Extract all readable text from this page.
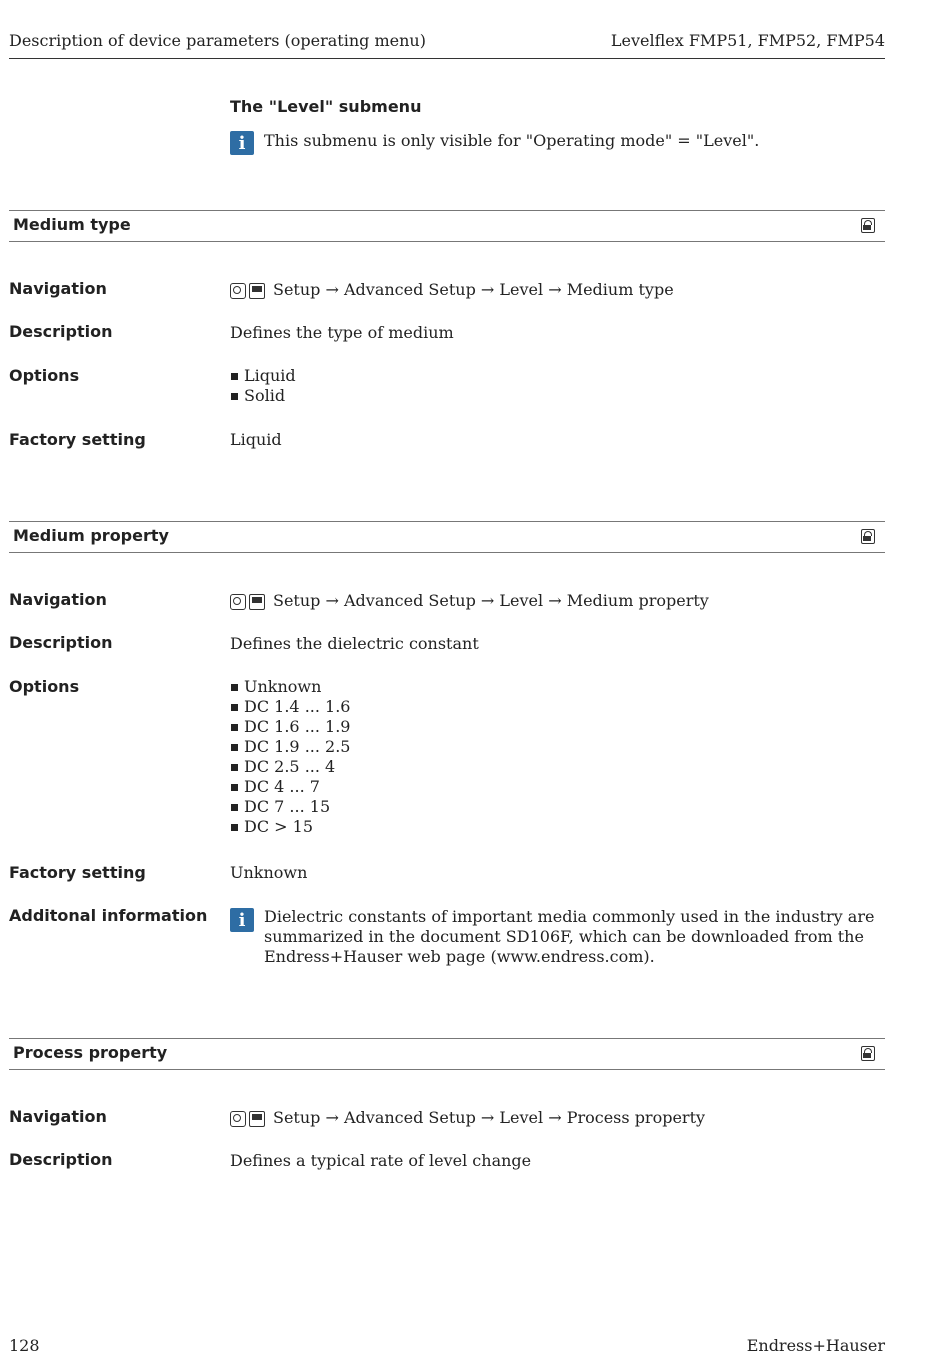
Description of device parameters (operating menu)	Levelflex FMP51, FMP52, FMP54
The "Level" submenu
i	This submenu is only visible for "Operating mode" = "Level".
Medium type
Navigation	Setup → Advanced Setup → Level → Medium type
Description	Defines the type of medium
Options	Liquid
Solid
Factory setting	Liquid
Medium property
Navigation	Setup → Advanced Setup → Level → Medium property
Description	Defines the dielectric constant
Options	Unknown
DC 1.4 ... 1.6
DC 1.6 ... 1.9
DC 1.9 ... 2.5
DC 2.5 ... 4
DC 4 ... 7
DC 7 ... 15
DC > 15
Factory setting	Unknown
Additonal information	i	Dielectric constants of important media commonly used in the industry are summarized in the document SD106F, which can be downloaded from the Endress+Hauser web page (www.endress.com).
Process property
Navigation	Setup → Advanced Setup → Level → Process property
Description	Defines a typical rate of level change
128	Endress+Hauser
